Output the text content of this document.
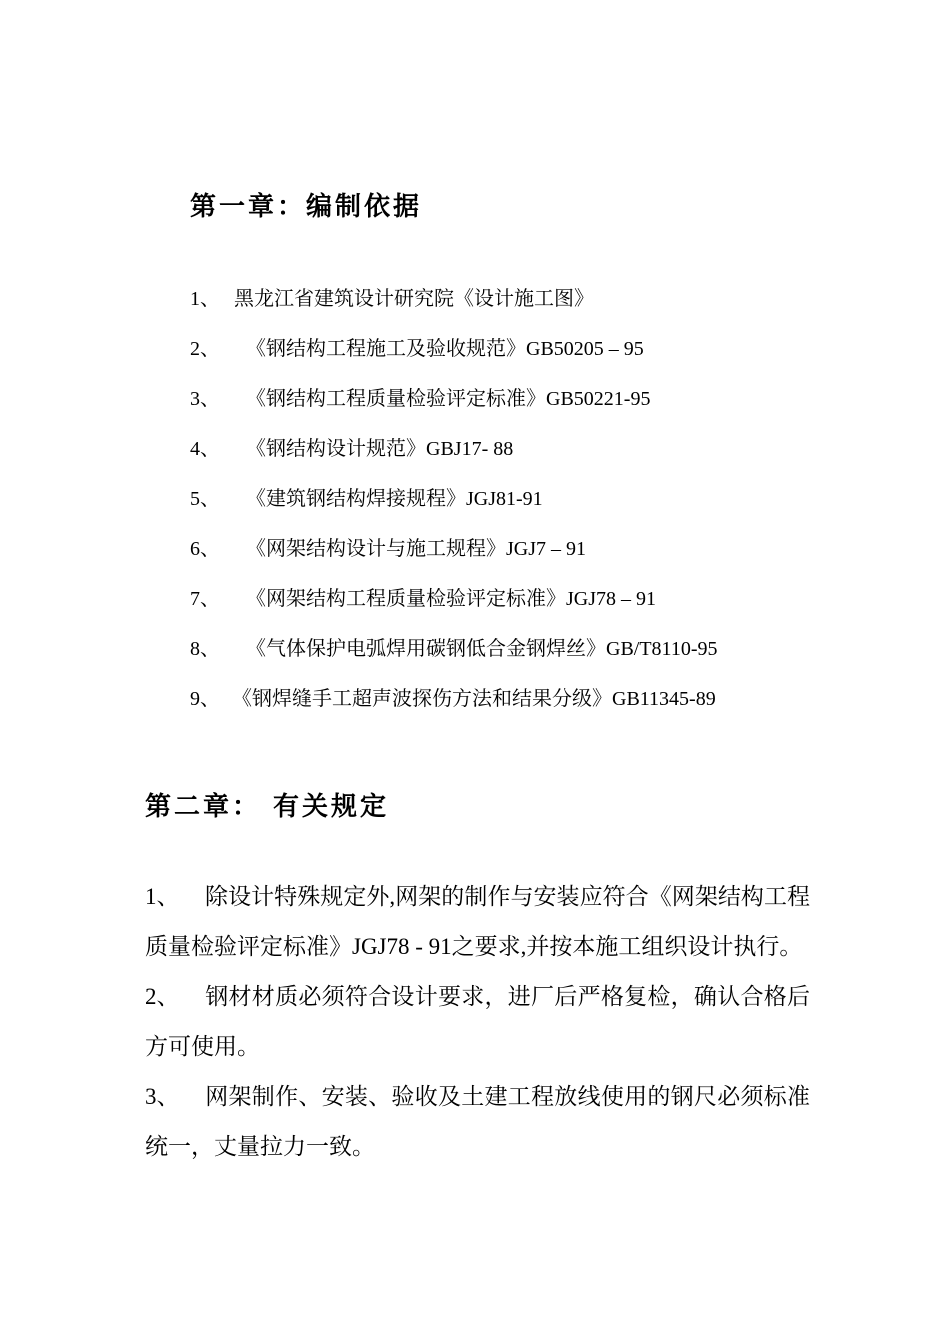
第一章：编制依据
1、 黑龙江省建筑设计研究院《设计施工图》
2、 《钢结构工程施工及验收规范》GB50205 – 95
3、 《钢结构工程质量检验评定标准》GB50221-95
4、 《钢结构设计规范》GBJ17- 88
5、 《建筑钢结构焊接规程》JGJ81-91
6、 《网架结构设计与施工规程》JGJ7 – 91
7、 《网架结构工程质量检验评定标准》JGJ78 – 91
8、 《气体保护电弧焊用碳钢低合金钢焊丝》GB/T8110-95
9、 《钢焊缝手工超声波探伤方法和结果分级》GB11345-89
第二章： 有关规定

1、 除设计特殊规定外,网架的制作与安装应符合《网架结构工程质量检验评定标准》JGJ78 - 91之要求,并按本施工组织设计执行。

2、 钢材材质必须符合设计要求，进厂后严格复检，确认合格后方可使用。

3、 网架制作、安装、验收及土建工程放线使用的钢尺必须标准统一，丈量拉力一致。
